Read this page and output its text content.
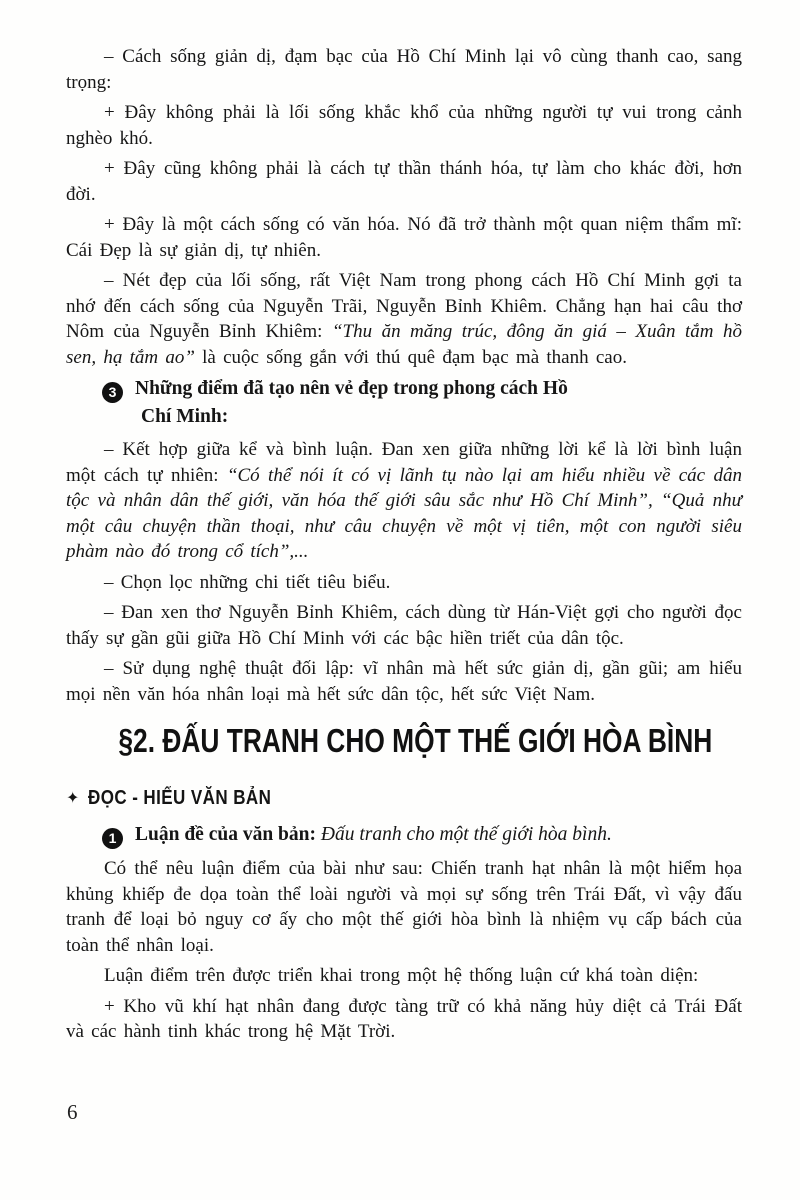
– Cách sống giản dị, đạm bạc của Hồ Chí Minh lại vô cùng thanh cao, sang trọng:

+ Đây không phải là lối sống khắc khổ của những người tự vui trong cảnh nghèo khó.

+ Đây cũng không phải là cách tự thần thánh hóa, tự làm cho khác đời, hơn đời.

+ Đây là một cách sống có văn hóa. Nó đã trở thành một quan niệm thẩm mĩ: Cái Đẹp là sự giản dị, tự nhiên.

– Nét đẹp của lối sống, rất Việt Nam trong phong cách Hồ Chí Minh gợi ta nhớ đến cách sống của Nguyễn Trãi, Nguyễn Bỉnh Khiêm. Chẳng hạn hai câu thơ Nôm của Nguyễn Bỉnh Khiêm: “Thu ăn măng trúc, đông ăn giá – Xuân tắm hồ sen, hạ tắm ao” là cuộc sống gắn với thú quê đạm bạc mà thanh cao.

3 Những điểm đã tạo nên vẻ đẹp trong phong cách Hồ Chí Minh:

– Kết hợp giữa kể và bình luận. Đan xen giữa những lời kể là lời bình luận một cách tự nhiên: “Có thể nói ít có vị lãnh tụ nào lại am hiểu nhiều về các dân tộc và nhân dân thế giới, văn hóa thế giới sâu sắc như Hồ Chí Minh”, “Quả như một câu chuyện thần thoại, như câu chuyện về một vị tiên, một con người siêu phàm nào đó trong cổ tích”,...

– Chọn lọc những chi tiết tiêu biểu.

– Đan xen thơ Nguyễn Bỉnh Khiêm, cách dùng từ Hán-Việt gợi cho người đọc thấy sự gần gũi giữa Hồ Chí Minh với các bậc hiền triết của dân tộc.

– Sử dụng nghệ thuật đối lập: vĩ nhân mà hết sức giản dị, gần gũi; am hiểu mọi nền văn hóa nhân loại mà hết sức dân tộc, hết sức Việt Nam.

§2. ĐẤU TRANH CHO MỘT THẾ GIỚI HÒA BÌNH
✦ ĐỌC - HIỂU VĂN BẢN
1 Luận đề của văn bản: Đấu tranh cho một thế giới hòa bình.

Có thể nêu luận điểm của bài như sau: Chiến tranh hạt nhân là một hiểm họa khủng khiếp đe dọa toàn thể loài người và mọi sự sống trên Trái Đất, vì vậy đấu tranh để loại bỏ nguy cơ ấy cho một thế giới hòa bình là nhiệm vụ cấp bách của toàn thể nhân loại.

Luận điểm trên được triển khai trong một hệ thống luận cứ khá toàn diện:

+ Kho vũ khí hạt nhân đang được tàng trữ có khả năng hủy diệt cả Trái Đất và các hành tinh khác trong hệ Mặt Trời.

6
